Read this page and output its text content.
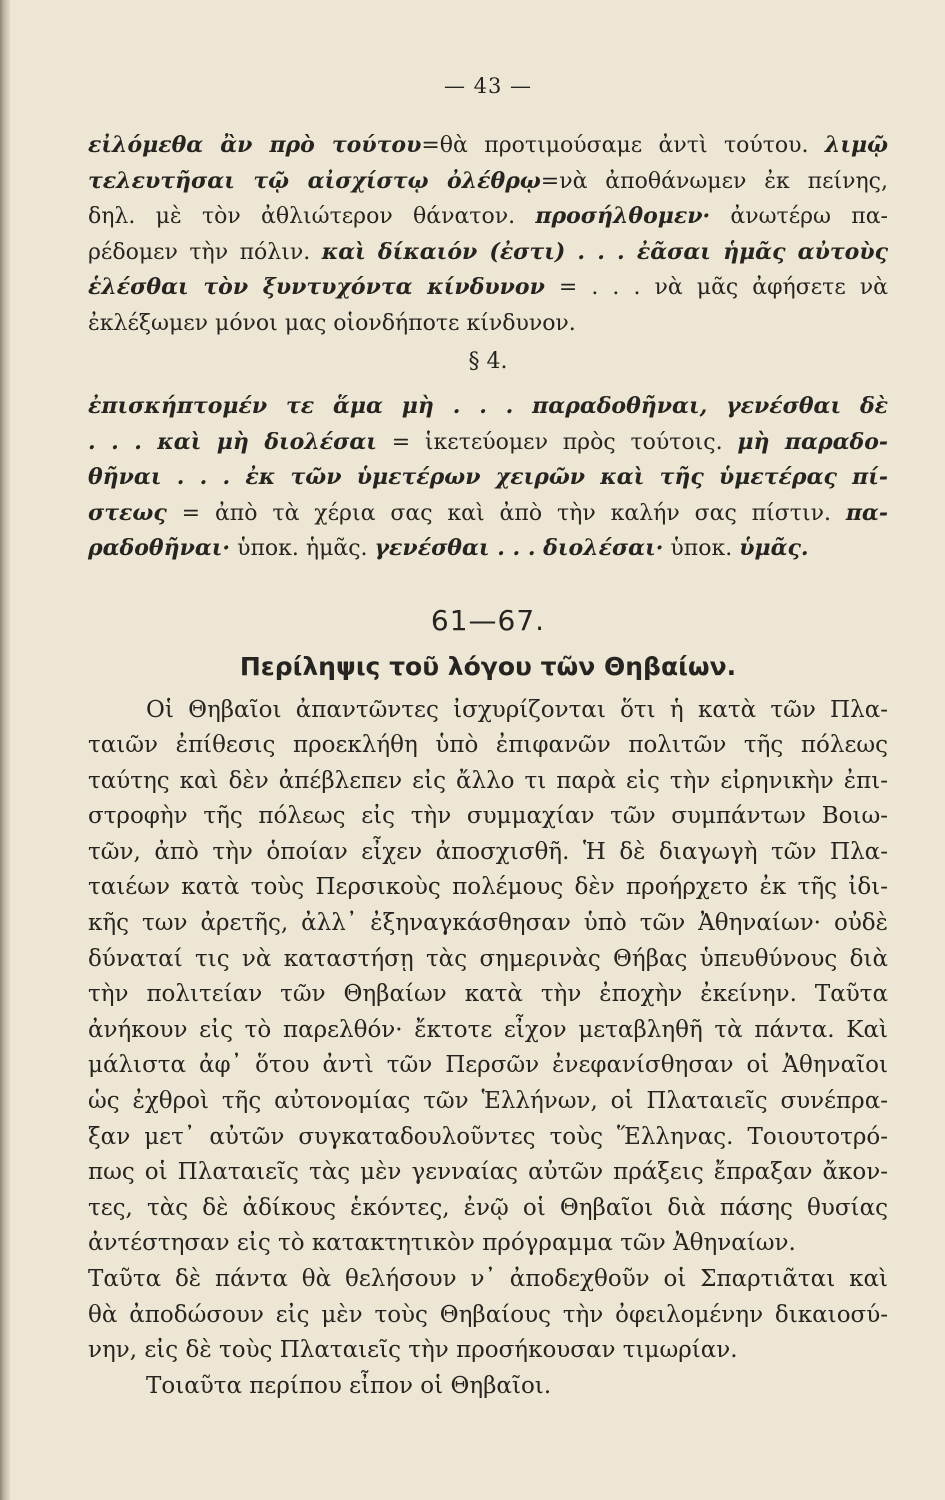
— 43 —
εἰλόμεθα ἂν πρὸ τούτου=θὰ προτιμούσαμε ἀντὶ τούτου. λιμῷ
τελευτῆσαι τῷ αἰσχίστῳ ὀλέθρῳ=νὰ ἀποθάνωμεν ἐκ πείνης,
δηλ. μὲ τὸν ἀθλιώτερον θάνατον. προσήλθομεν· ἀνωτέρω πα-
ρέδομεν τὴν πόλιν. καὶ δίκαιόν (ἐστι) . . . ἐᾶσαι ἡμᾶς αὐτοὺς
ἑλέσθαι τὸν ξυντυχόντα κίνδυνον = . . . νὰ μᾶς ἀφήσετε νὰ
ἐκλέξωμεν μόνοι μας οἱονδήποτε κίνδυνον.
§ 4.
ἐπισκήπτομέν τε ἅμα μὴ . . . παραδοθῆναι, γενέσθαι δὲ
. . . καὶ μὴ διολέσαι = ἱκετεύομεν πρὸς τούτοις. μὴ παραδο-
θῆναι . . . ἐκ τῶν ὑμετέρων χειρῶν καὶ τῆς ὑμετέρας πί-
στεως = ἀπὸ τὰ χέρια σας καὶ ἀπὸ τὴν καλήν σας πίστιν. πα-
ραδοθῆναι· ὑποκ. ἡμᾶς. γενέσθαι . . . διολέσαι· ὑποκ. ὑμᾶς.
61—67.
Περίληψις τοῦ λόγου τῶν Θηβαίων.
Οἱ Θηβαῖοι ἀπαντῶντες ἰσχυρίζονται ὅτι ἡ κατὰ τῶν Πλα-
ταιῶν ἐπίθεσις προεκλήθη ὑπὸ ἐπιφανῶν πολιτῶν τῆς πόλεως
ταύτης καὶ δὲν ἀπέβλεπεν εἰς ἄλλο τι παρὰ εἰς τὴν εἰρηνικὴν ἐπι-
στροφὴν τῆς πόλεως εἰς τὴν συμμαχίαν τῶν συμπάντων Βοιω-
τῶν, ἀπὸ τὴν ὁποίαν εἶχεν ἀποσχισθῆ. Ἡ δὲ διαγωγὴ τῶν Πλα-
ταιέων κατὰ τοὺς Περσικοὺς πολέμους δὲν προήρχετο ἐκ τῆς ἰδι-
κῆς των ἀρετῆς, ἀλλ᾽ ἐξηναγκάσθησαν ὑπὸ τῶν Ἀθηναίων· οὐδὲ
δύναταί τις νὰ καταστήσῃ τὰς σημερινὰς Θήβας ὑπευθύνους διὰ
τὴν πολιτείαν τῶν Θηβαίων κατὰ τὴν ἐποχὴν ἐκείνην. Ταῦτα
ἀνήκουν εἰς τὸ παρελθόν· ἔκτοτε εἶχον μεταβληθῆ τὰ πάντα. Καὶ
μάλιστα ἀφ᾽ ὅτου ἀντὶ τῶν Περσῶν ἐνεφανίσθησαν οἱ Ἀθηναῖοι
ὡς ἐχθροὶ τῆς αὐτονομίας τῶν Ἑλλήνων, οἱ Πλαταιεῖς συνέπρα-
ξαν μετ᾽ αὐτῶν συγκαταδουλοῦντες τοὺς Ἕλληνας. Τοιουτοτρό-
πως οἱ Πλαταιεῖς τὰς μὲν γενναίας αὐτῶν πράξεις ἔπραξαν ἄκον-
τες, τὰς δὲ ἀδίκους ἑκόντες, ἐνῷ οἱ Θηβαῖοι διὰ πάσης θυσίας
ἀντέστησαν εἰς τὸ κατακτητικὸν πρόγραμμα τῶν Ἀθηναίων.
Ταῦτα δὲ πάντα θὰ θελήσουν ν᾽ ἀποδεχθοῦν οἱ Σπαρτιᾶται καὶ
θὰ ἀποδώσουν εἰς μὲν τοὺς Θηβαίους τὴν ὀφειλομένην δικαιοσύ-
νην, εἰς δὲ τοὺς Πλαταιεῖς τὴν προσήκουσαν τιμωρίαν.
Τοιαῦτα περίπου εἶπον οἱ Θηβαῖοι.
